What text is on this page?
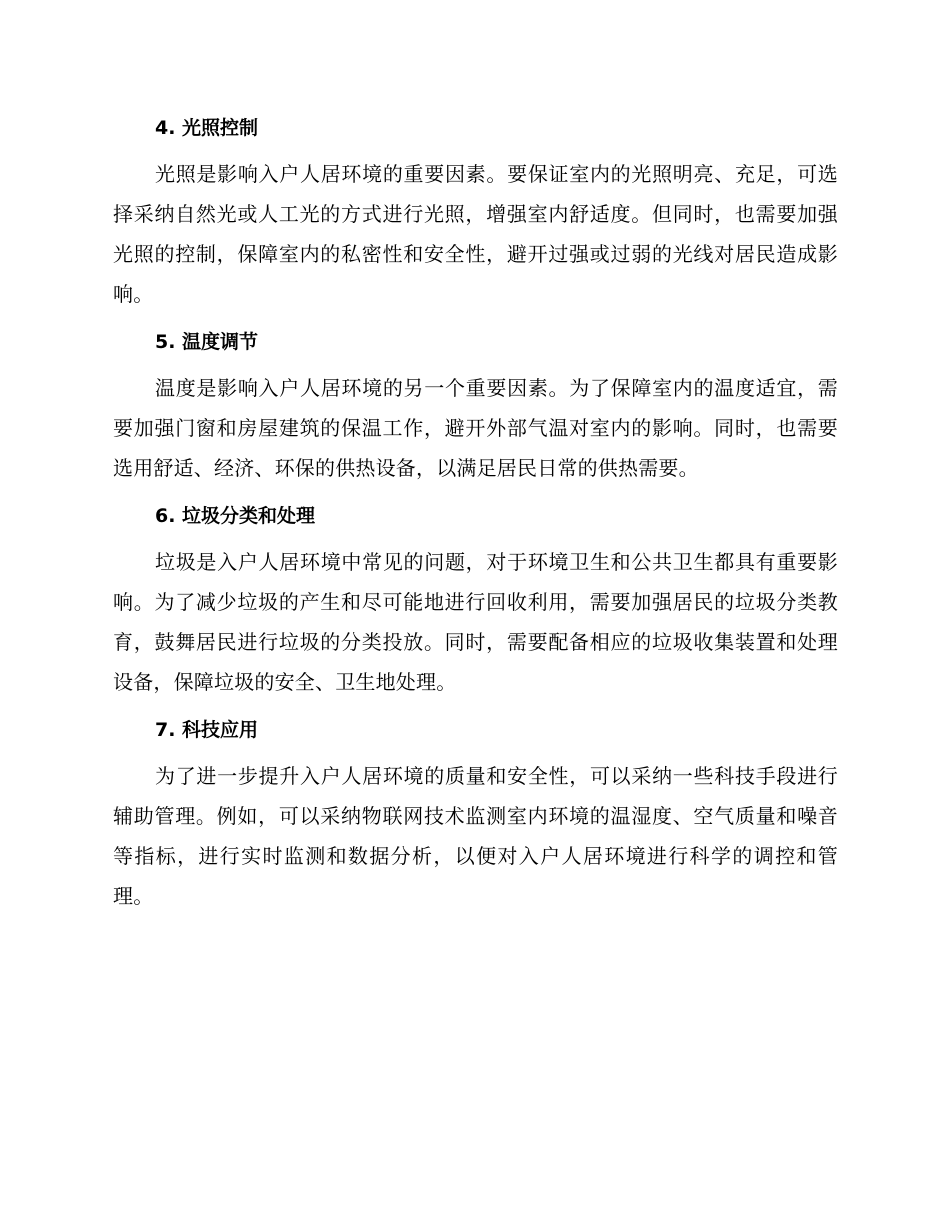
4. 光照控制

光照是影响入户人居环境的重要因素。要保证室内的光照明亮、充足，可选择采纳自然光或人工光的方式进行光照，增强室内舒适度。但同时，也需要加强光照的控制，保障室内的私密性和安全性，避开过强或过弱的光线对居民造成影响。

5. 温度调节

温度是影响入户人居环境的另一个重要因素。为了保障室内的温度适宜，需要加强门窗和房屋建筑的保温工作，避开外部气温对室内的影响。同时，也需要选用舒适、经济、环保的供热设备，以满足居民日常的供热需要。

6. 垃圾分类和处理

垃圾是入户人居环境中常见的问题，对于环境卫生和公共卫生都具有重要影响。为了减少垃圾的产生和尽可能地进行回收利用，需要加强居民的垃圾分类教育，鼓舞居民进行垃圾的分类投放。同时，需要配备相应的垃圾收集装置和处理设备，保障垃圾的安全、卫生地处理。

7. 科技应用

为了进一步提升入户人居环境的质量和安全性，可以采纳一些科技手段进行辅助管理。例如，可以采纳物联网技术监测室内环境的温湿度、空气质量和噪音等指标，进行实时监测和数据分析，以便对入户人居环境进行科学的调控和管理。
